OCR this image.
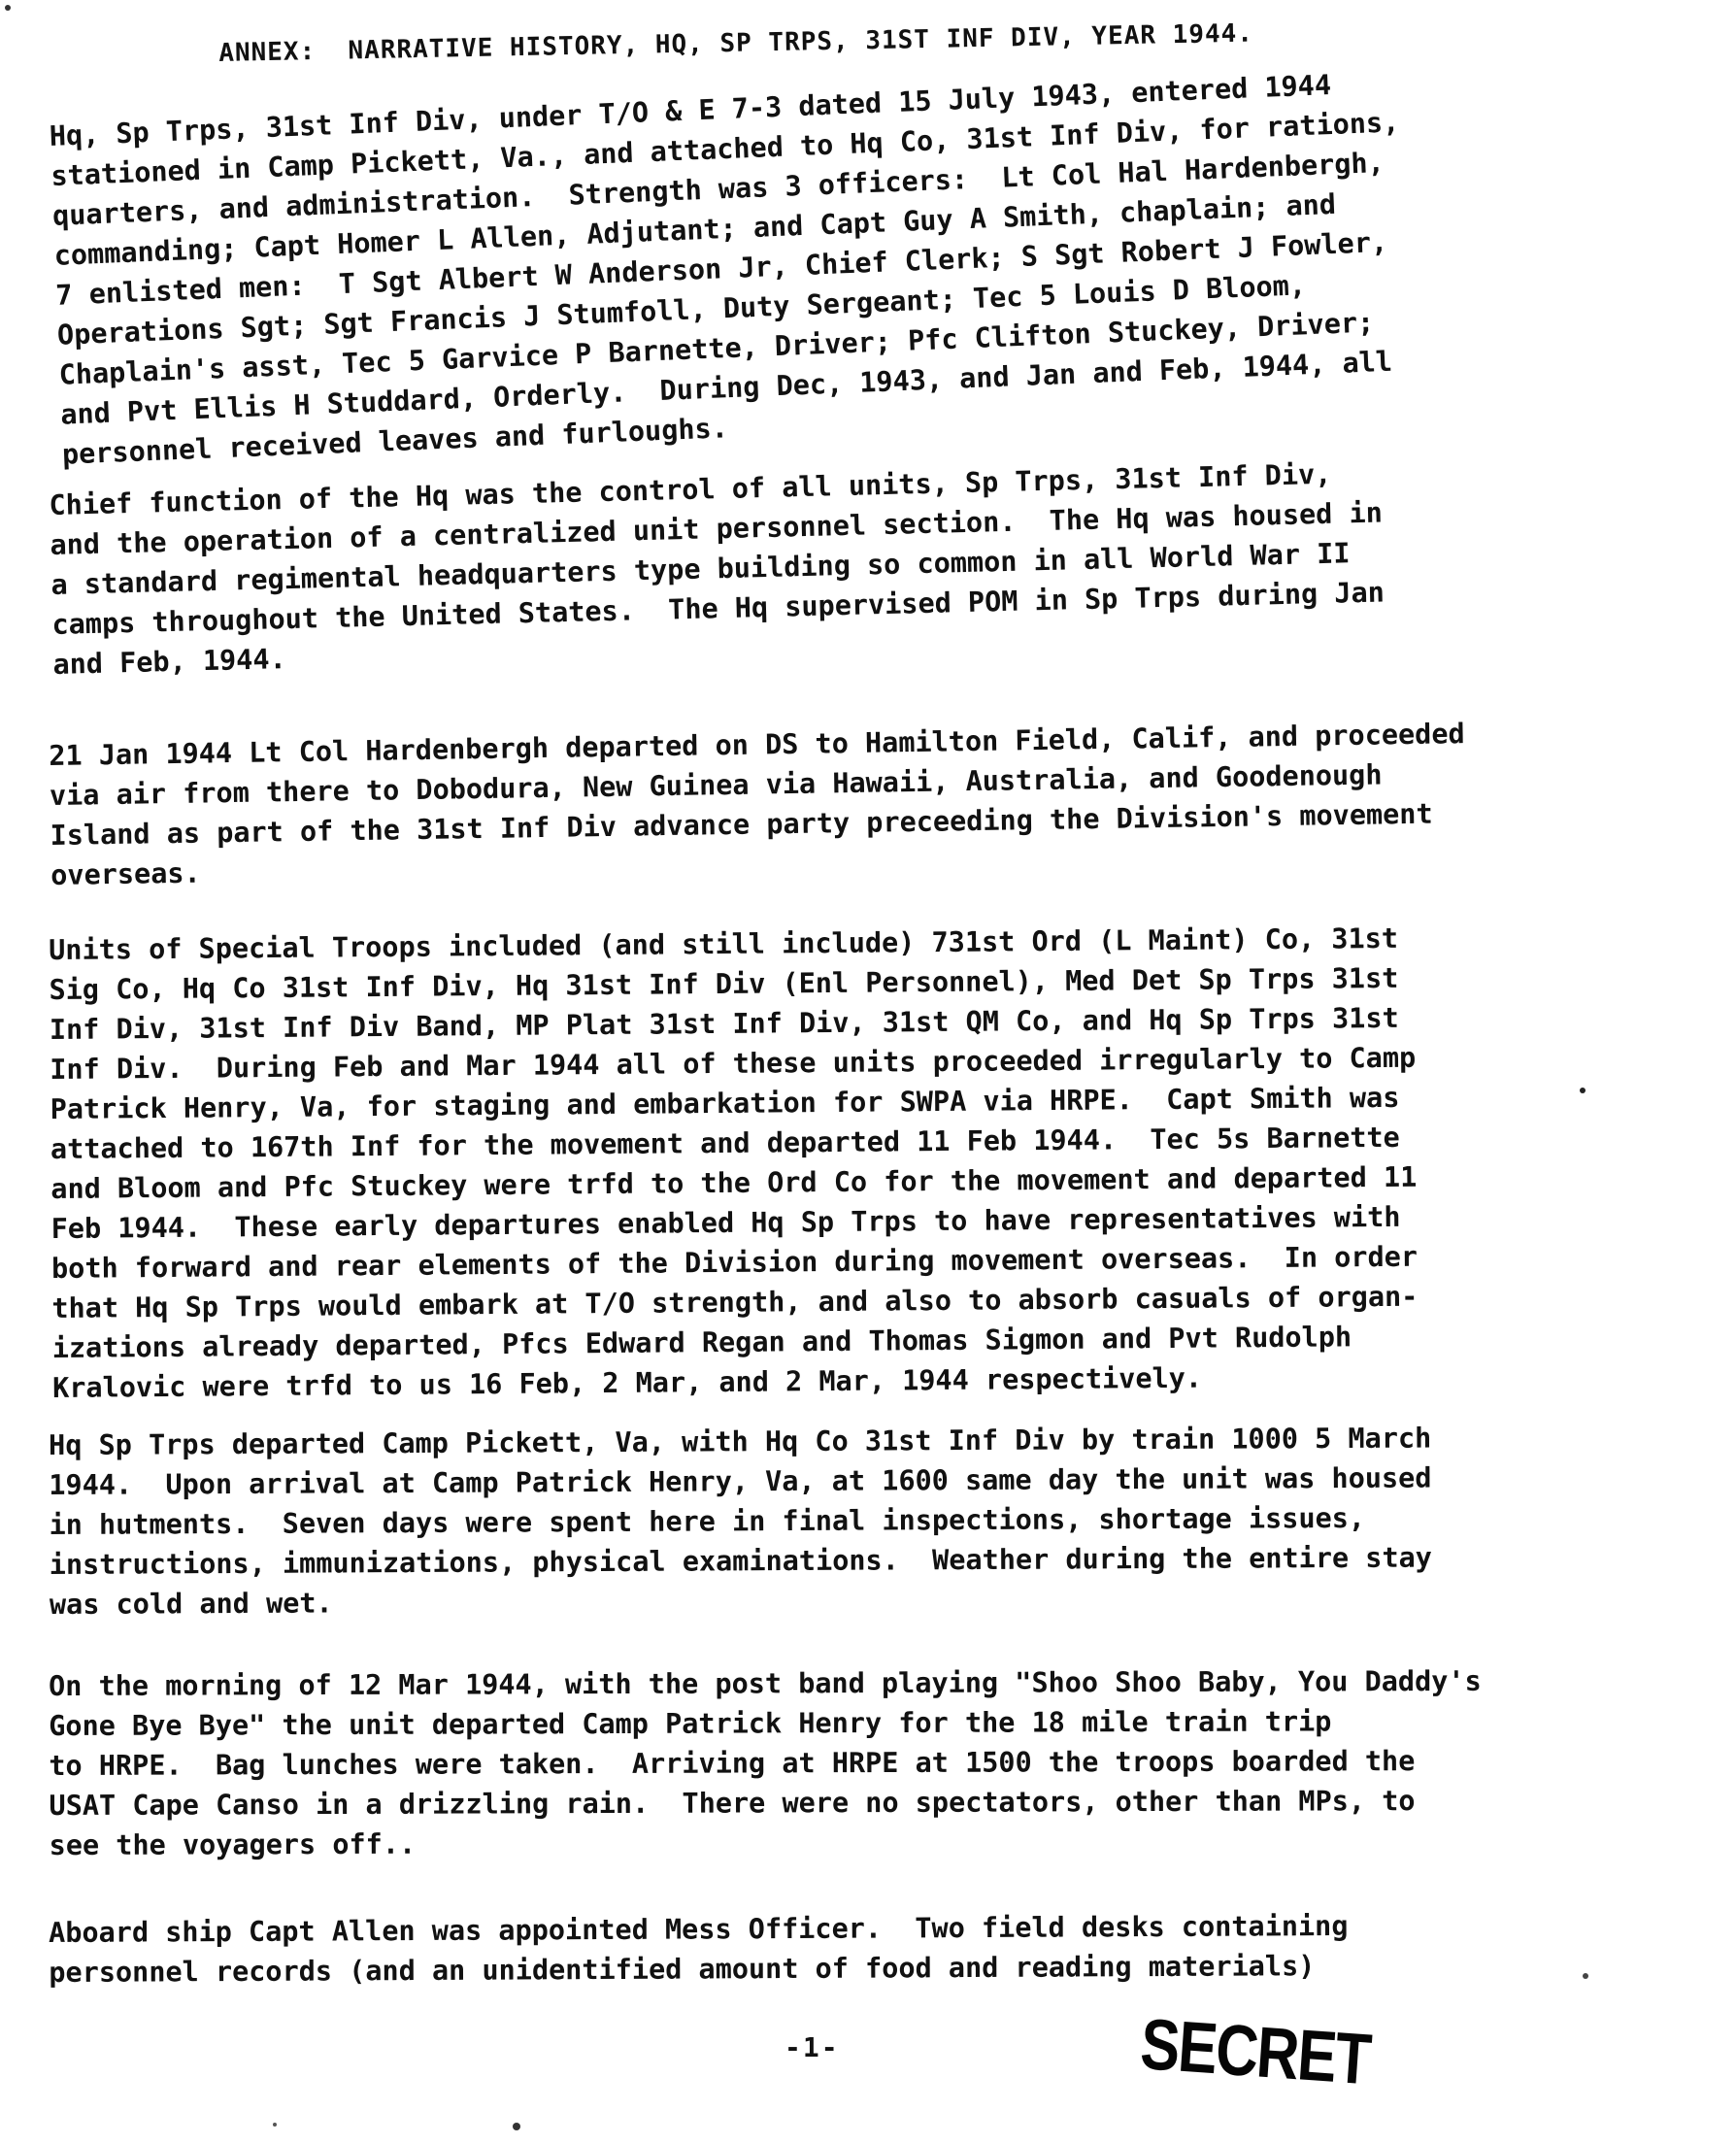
ANNEX:  NARRATIVE HISTORY, HQ, SP TRPS, 31ST INF DIV, YEAR 1944.
Hq, Sp Trps, 31st Inf Div, under T/O & E 7-3 dated 15 July 1943, entered 1944
stationed in Camp Pickett, Va., and attached to Hq Co, 31st Inf Div, for rations,
quarters, and administration.  Strength was 3 officers:  Lt Col Hal Hardenbergh,
commanding; Capt Homer L Allen, Adjutant; and Capt Guy A Smith, chaplain; and
7 enlisted men:  T Sgt Albert W Anderson Jr, Chief Clerk; S Sgt Robert J Fowler,
Operations Sgt; Sgt Francis J Stumfoll, Duty Sergeant; Tec 5 Louis D Bloom,
Chaplain's asst, Tec 5 Garvice P Barnette, Driver; Pfc Clifton Stuckey, Driver;
and Pvt Ellis H Studdard, Orderly.  During Dec, 1943, and Jan and Feb, 1944, all
personnel received leaves and furloughs.
Chief function of the Hq was the control of all units, Sp Trps, 31st Inf Div,
and the operation of a centralized unit personnel section.  The Hq was housed in
a standard regimental headquarters type building so common in all World War II
camps throughout the United States.  The Hq supervised POM in Sp Trps during Jan
and Feb, 1944.
21 Jan 1944 Lt Col Hardenbergh departed on DS to Hamilton Field, Calif, and proceeded
via air from there to Dobodura, New Guinea via Hawaii, Australia, and Goodenough
Island as part of the 31st Inf Div advance party preceeding the Division's movement
overseas.
Units of Special Troops included (and still include) 731st Ord (L Maint) Co, 31st
Sig Co, Hq Co 31st Inf Div, Hq 31st Inf Div (Enl Personnel), Med Det Sp Trps 31st
Inf Div, 31st Inf Div Band, MP Plat 31st Inf Div, 31st QM Co, and Hq Sp Trps 31st
Inf Div.  During Feb and Mar 1944 all of these units proceeded irregularly to Camp
Patrick Henry, Va, for staging and embarkation for SWPA via HRPE.  Capt Smith was
attached to 167th Inf for the movement and departed 11 Feb 1944.  Tec 5s Barnette
and Bloom and Pfc Stuckey were trfd to the Ord Co for the movement and departed 11
Feb 1944.  These early departures enabled Hq Sp Trps to have representatives with
both forward and rear elements of the Division during movement overseas.  In order
that Hq Sp Trps would embark at T/O strength, and also to absorb casuals of organ-
izations already departed, Pfcs Edward Regan and Thomas Sigmon and Pvt Rudolph
Kralovic were trfd to us 16 Feb, 2 Mar, and 2 Mar, 1944 respectively.
Hq Sp Trps departed Camp Pickett, Va, with Hq Co 31st Inf Div by train 1000 5 March
1944.  Upon arrival at Camp Patrick Henry, Va, at 1600 same day the unit was housed
in hutments.  Seven days were spent here in final inspections, shortage issues,
instructions, immunizations, physical examinations.  Weather during the entire stay
was cold and wet.
On the morning of 12 Mar 1944, with the post band playing "Shoo Shoo Baby, You Daddy's
Gone Bye Bye" the unit departed Camp Patrick Henry for the 18 mile train trip
to HRPE.  Bag lunches were taken.  Arriving at HRPE at 1500 the troops boarded the
USAT Cape Canso in a drizzling rain.  There were no spectators, other than MPs, to
see the voyagers off..
Aboard ship Capt Allen was appointed Mess Officer.  Two field desks containing
personnel records (and an unidentified amount of food and reading materials)
-1-	SECRET
